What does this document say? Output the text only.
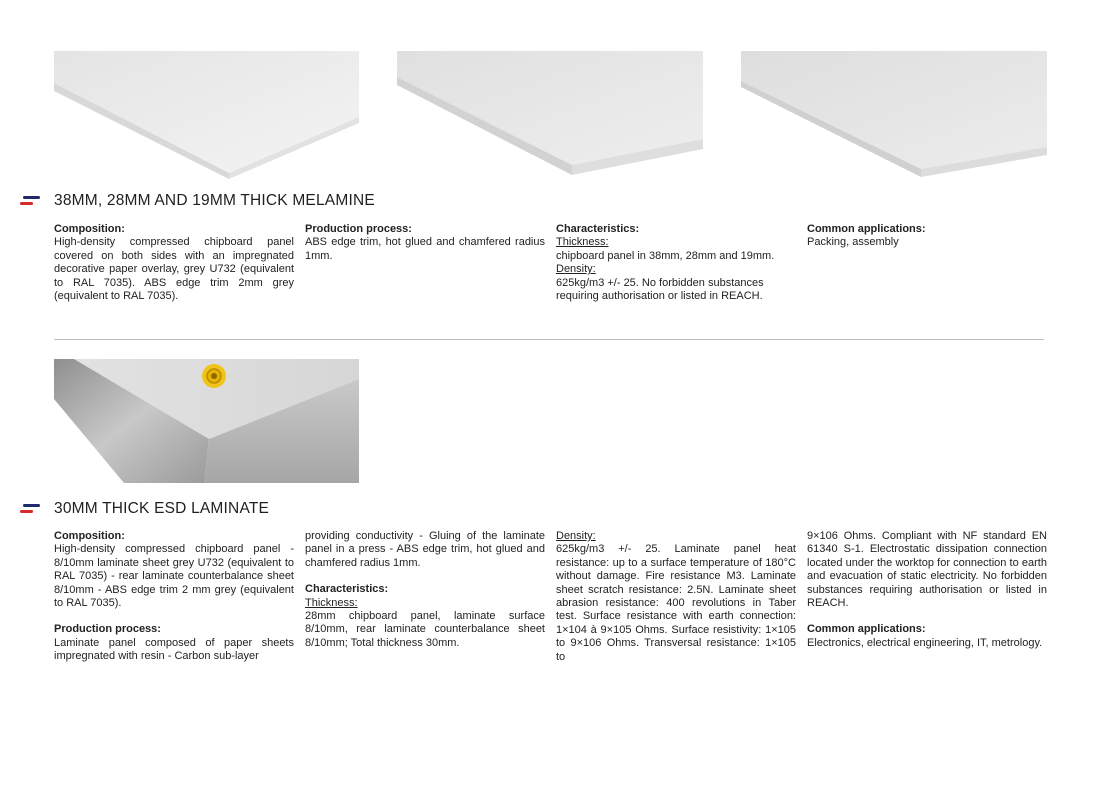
38MM, 28MM AND 19MM THICK MELAMINE
Composition:

High-density compressed chipboard panel covered on both sides with an impregnated decorative paper overlay, grey U732 (equivalent to RAL 7035). ABS edge trim 2mm grey (equivalent to RAL 7035).

Production process:

ABS edge trim, hot glued and chamfered radius 1mm.

Characteristics:
Thickness:

chipboard panel in 38mm, 28mm and 19mm.

Density:

625kg/m3 +/- 25. No forbidden substances requiring authorisation or listed in REACH.

Common applications:

Packing, assembly

30MM THICK ESD LAMINATE
Composition:

High-density compressed chipboard panel - 8/10mm laminate sheet grey U732 (equivalent to RAL 7035) - rear laminate counterbalance sheet 8/10mm - ABS edge trim 2 mm grey (equivalent to RAL 7035).

Production process:

Laminate panel composed of paper sheets impregnated with resin - Carbon sub-layer

providing conductivity - Gluing of the laminate panel in a press - ABS edge trim, hot glued and chamfered radius 1mm.

Characteristics:
Thickness:

28mm chipboard panel, laminate surface 8/10mm, rear laminate counterbalance sheet 8/10mm; Total thickness 30mm.

Density:

625kg/m3 +/- 25. Laminate panel heat resistance: up to a surface temperature of 180°C without damage. Fire resistance M3. Laminate sheet scratch resistance: 2.5N. Laminate sheet abrasion resistance: 400 revolutions in Taber test. Surface resistance with earth connection: 1×104 à 9×105 Ohms. Surface resistivity: 1×105 to 9×106 Ohms. Transversal resistance: 1×105 to

9×106 Ohms. Compliant with NF standard EN 61340 S-1. Electrostatic dissipation connection located under the worktop for connection to earth and evacuation of static electricity. No forbidden substances requiring authorisation or listed in REACH.

Common applications:

Electronics, electrical engineering, IT, metrology.
